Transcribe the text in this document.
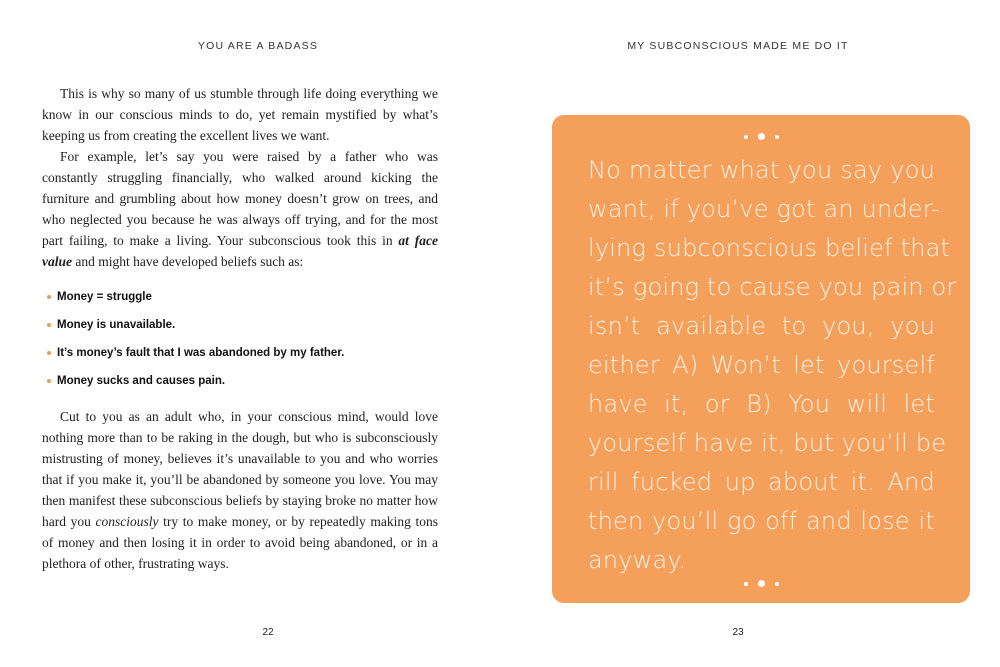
YOU ARE A BADASS

This is why so many of us stumble through life doing everything we know in our conscious minds to do, yet remain mystified by what’s keeping us from creating the excellent lives we want.

For example, let’s say you were raised by a father who was constantly struggling financially, who walked around kicking the furniture and grumbling about how money doesn’t grow on trees, and who neglected you because he was always off trying, and for the most part failing, to make a living. Your subconscious took this in at face value and might have developed beliefs such as:

Money = struggle
Money is unavailable.
It’s money’s fault that I was abandoned by my father.
Money sucks and causes pain.

Cut to you as an adult who, in your conscious mind, would love nothing more than to be raking in the dough, but who is subconsciously mistrusting of money, believes it’s unavailable to you and who worries that if you make it, you’ll be abandoned by someone you love. You may then manifest these subconscious beliefs by staying broke no matter how hard you consciously try to make money, or by repeatedly making tons of money and then losing it in order to avoid being abandoned, or in a plethora of other, frustrating ways.

22
MY SUBCONSCIOUS MADE ME DO IT
No matter what you say you
want, if you’ve got an under-
lying subconscious belief that
it’s going to cause you pain or
isn’t available to you, you
either A) Won’t let yourself
have it, or B) You will let
yourself have it, but you’ll be
rill fucked up about it. And
then you’ll go off and lose it
anyway.
23
